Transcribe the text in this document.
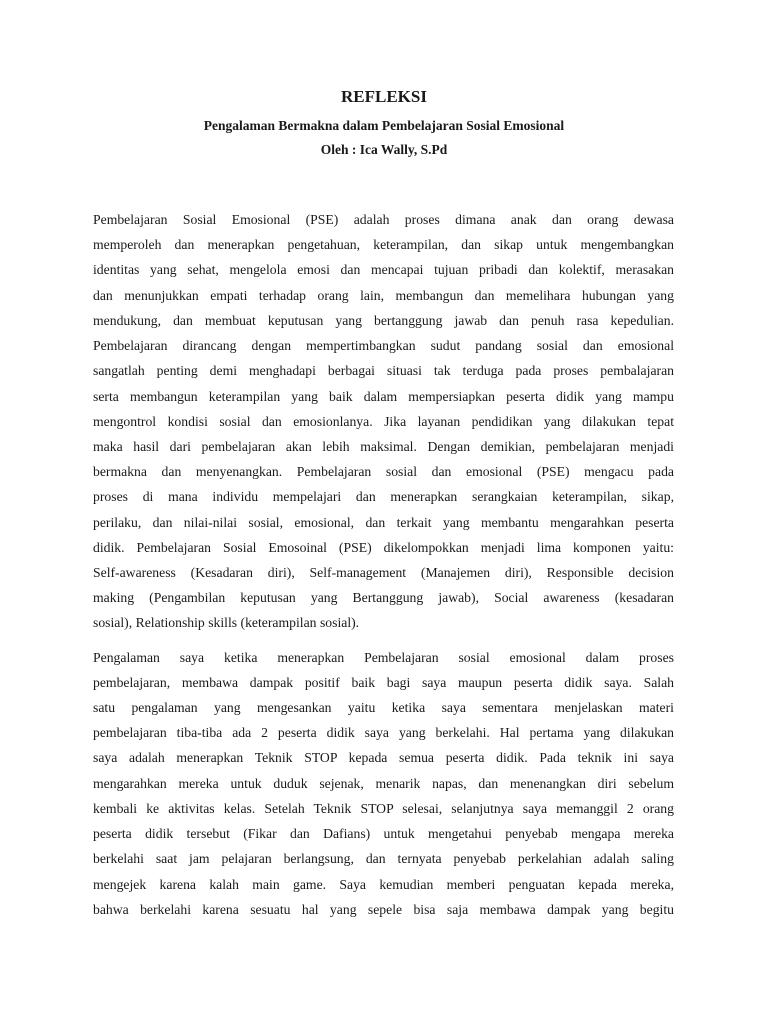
REFLEKSI
Pengalaman Bermakna dalam Pembelajaran Sosial Emosional

Oleh : Ica Wally, S.Pd

Pembelajaran Sosial Emosional (PSE) adalah proses dimana anak dan orang dewasa
memperoleh dan menerapkan pengetahuan, keterampilan, dan sikap untuk mengembangkan
identitas yang sehat, mengelola emosi dan mencapai tujuan pribadi dan kolektif, merasakan
dan menunjukkan empati terhadap orang lain, membangun dan memelihara hubungan yang
mendukung, dan membuat keputusan yang bertanggung jawab dan penuh rasa kepedulian.
Pembelajaran dirancang dengan mempertimbangkan sudut pandang sosial dan emosional
sangatlah penting demi menghadapi berbagai situasi tak terduga pada proses pembalajaran
serta membangun keterampilan yang baik dalam mempersiapkan peserta didik yang mampu
mengontrol kondisi sosial dan emosionlanya. Jika layanan pendidikan yang dilakukan tepat
maka hasil dari pembelajaran akan lebih maksimal. Dengan demikian, pembelajaran menjadi
bermakna dan menyenangkan. Pembelajaran sosial dan emosional (PSE) mengacu pada
proses di mana individu mempelajari dan menerapkan serangkaian keterampilan, sikap,
perilaku, dan nilai-nilai sosial, emosional, dan terkait yang membantu mengarahkan peserta
didik. Pembelajaran Sosial Emosoinal (PSE) dikelompokkan menjadi lima komponen yaitu:
Self-awareness (Kesadaran diri), Self-management (Manajemen diri), Responsible decision
making (Pengambilan keputusan yang Bertanggung jawab), Social awareness (kesadaran
sosial), Relationship skills (keterampilan sosial).
Pengalaman saya ketika menerapkan Pembelajaran sosial emosional dalam proses
pembelajaran, membawa dampak positif baik bagi saya maupun peserta didik saya. Salah
satu pengalaman yang mengesankan yaitu ketika saya sementara menjelaskan materi
pembelajaran tiba-tiba ada 2 peserta didik saya yang berkelahi. Hal pertama yang dilakukan
saya adalah menerapkan Teknik STOP kepada semua peserta didik. Pada teknik ini saya
mengarahkan mereka untuk duduk sejenak, menarik napas, dan menenangkan diri sebelum
kembali ke aktivitas kelas. Setelah Teknik STOP selesai, selanjutnya saya memanggil 2 orang
peserta didik tersebut (Fikar dan Dafians) untuk mengetahui penyebab mengapa mereka
berkelahi saat jam pelajaran berlangsung, dan ternyata penyebab perkelahian adalah saling
mengejek karena kalah main game. Saya kemudian memberi penguatan kepada mereka,
bahwa berkelahi karena sesuatu hal yang sepele bisa saja membawa dampak yang begitu
